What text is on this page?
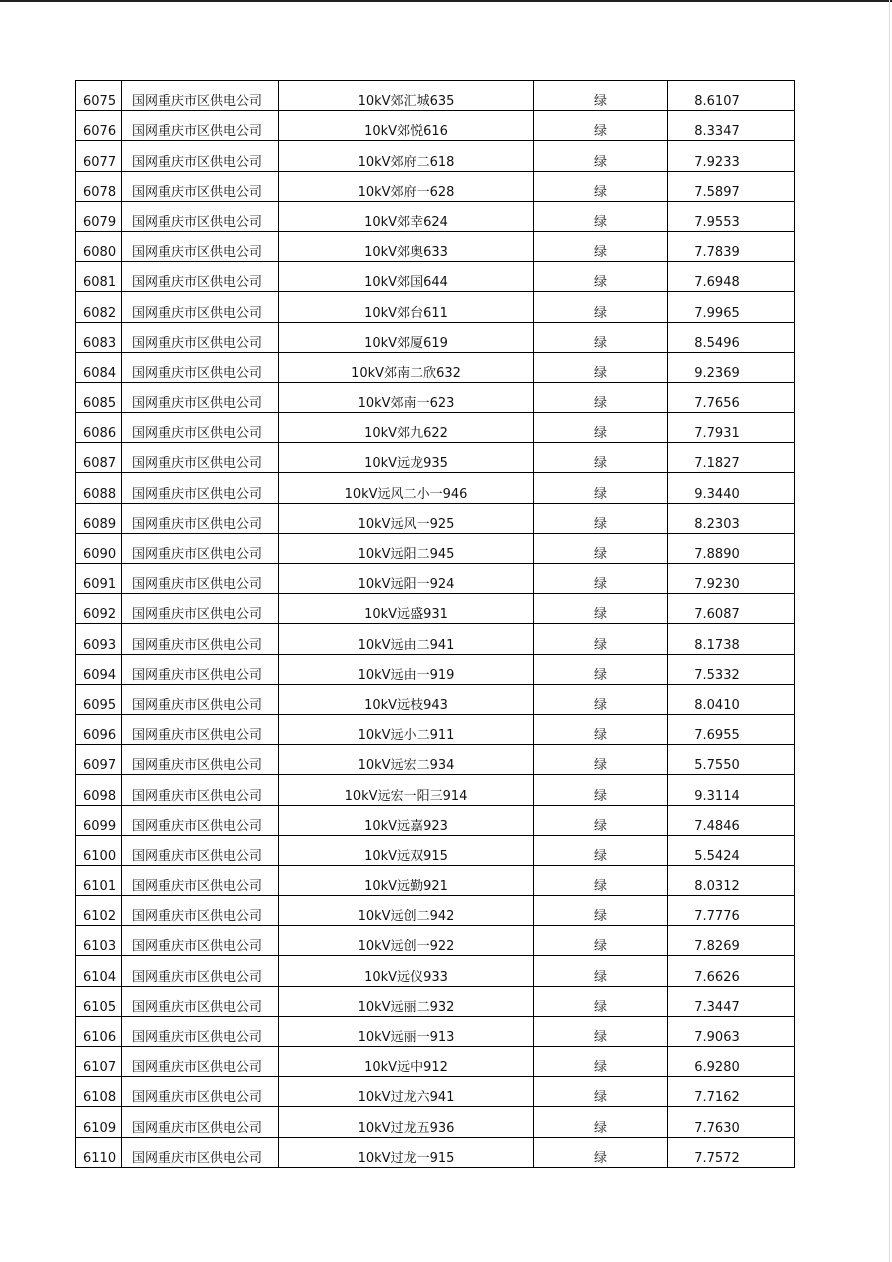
6075	国网重庆市区供电公司	10kV郊汇城635	绿	8.6107

6076	国网重庆市区供电公司	10kV郊悦616	绿	8.3347

6077	国网重庆市区供电公司	10kV郊府二618	绿	7.9233

6078	国网重庆市区供电公司	10kV郊府一628	绿	7.5897

6079	国网重庆市区供电公司	10kV郊幸624	绿	7.9553

6080	国网重庆市区供电公司	10kV郊奥633	绿	7.7839

6081	国网重庆市区供电公司	10kV郊国644	绿	7.6948

6082	国网重庆市区供电公司	10kV郊台611	绿	7.9965

6083	国网重庆市区供电公司	10kV郊厦619	绿	8.5496

6084	国网重庆市区供电公司	10kV郊南二欣632	绿	9.2369

6085	国网重庆市区供电公司	10kV郊南一623	绿	7.7656

6086	国网重庆市区供电公司	10kV郊九622	绿	7.7931

6087	国网重庆市区供电公司	10kV远龙935	绿	7.1827

6088	国网重庆市区供电公司	10kV远风二小一946	绿	9.3440

6089	国网重庆市区供电公司	10kV远风一925	绿	8.2303

6090	国网重庆市区供电公司	10kV远阳二945	绿	7.8890

6091	国网重庆市区供电公司	10kV远阳一924	绿	7.9230

6092	国网重庆市区供电公司	10kV远盛931	绿	7.6087

6093	国网重庆市区供电公司	10kV远由二941	绿	8.1738

6094	国网重庆市区供电公司	10kV远由一919	绿	7.5332

6095	国网重庆市区供电公司	10kV远枝943	绿	8.0410

6096	国网重庆市区供电公司	10kV远小二911	绿	7.6955

6097	国网重庆市区供电公司	10kV远宏二934	绿	5.7550

6098	国网重庆市区供电公司	10kV远宏一阳三914	绿	9.3114

6099	国网重庆市区供电公司	10kV远嘉923	绿	7.4846

6100	国网重庆市区供电公司	10kV远双915	绿	5.5424

6101	国网重庆市区供电公司	10kV远勤921	绿	8.0312

6102	国网重庆市区供电公司	10kV远创二942	绿	7.7776

6103	国网重庆市区供电公司	10kV远创一922	绿	7.8269

6104	国网重庆市区供电公司	10kV远仪933	绿	7.6626

6105	国网重庆市区供电公司	10kV远丽二932	绿	7.3447

6106	国网重庆市区供电公司	10kV远丽一913	绿	7.9063

6107	国网重庆市区供电公司	10kV远中912	绿	6.9280

6108	国网重庆市区供电公司	10kV过龙六941	绿	7.7162

6109	国网重庆市区供电公司	10kV过龙五936	绿	7.7630

6110	国网重庆市区供电公司	10kV过龙一915	绿	7.7572
